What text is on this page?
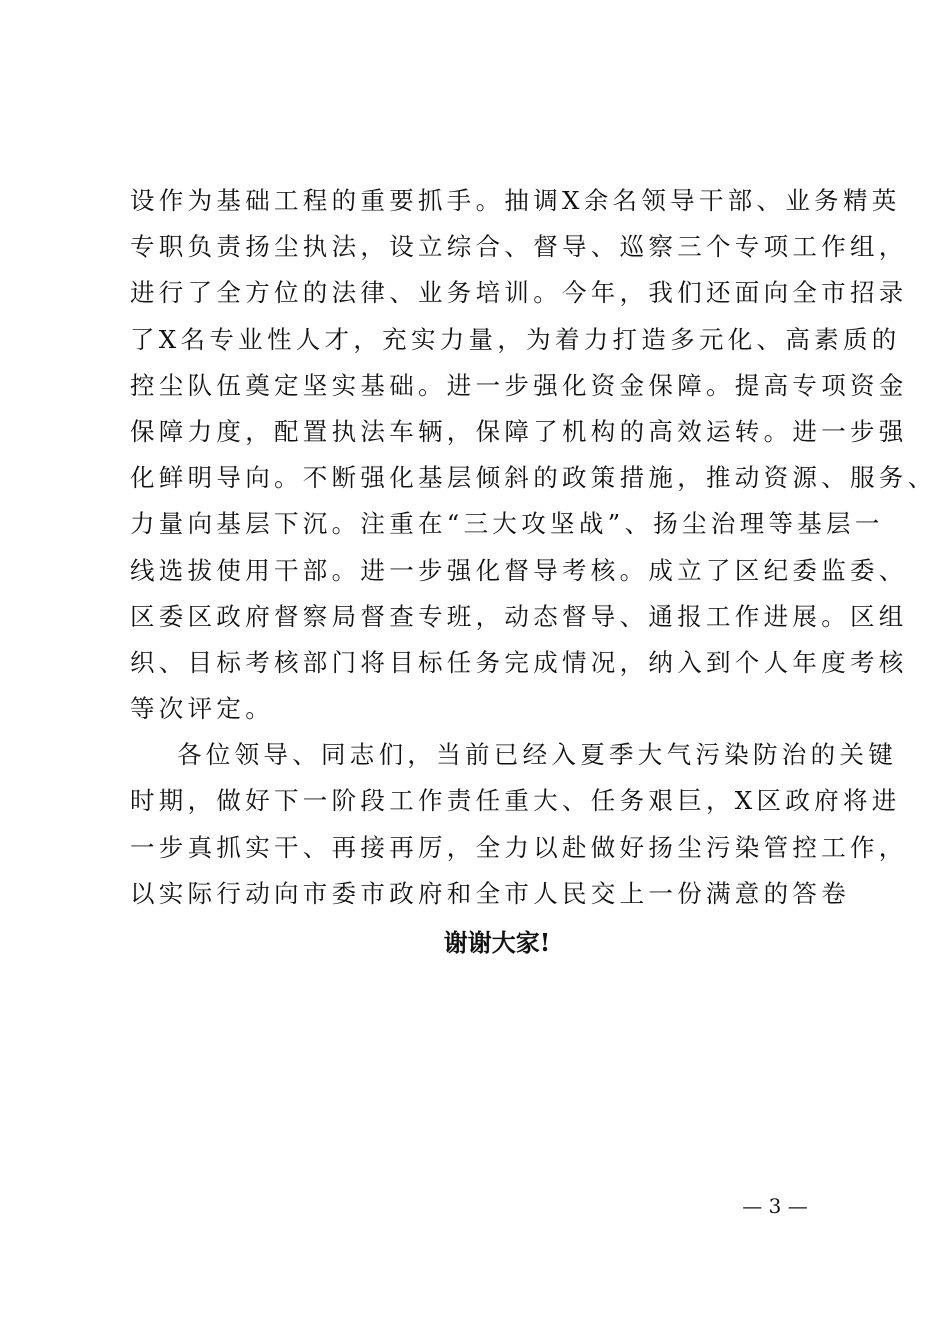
设作为基础工程的重要抓手。抽调X余名领导干部、业务精英
专职负责扬尘执法，设立综合、督导、巡察三个专项工作组，
进行了全方位的法律、业务培训。今年，我们还面向全市招录
了X名专业性人才，充实力量，为着力打造多元化、高素质的
控尘队伍奠定坚实基础。进一步强化资金保障。提高专项资金
保障力度，配置执法车辆，保障了机构的高效运转。进一步强
化鲜明导向。不断强化基层倾斜的政策措施，推动资源、服务、
力量向基层下沉。注重在“三大攻坚战”、扬尘治理等基层一
线选拔使用干部。进一步强化督导考核。成立了区纪委监委、
区委区政府督察局督查专班，动态督导、通报工作进展。区组
织、目标考核部门将目标任务完成情况，纳入到个人年度考核
等次评定。
各位领导、同志们，当前已经入夏季大气污染防治的关键
时期，做好下一阶段工作责任重大、任务艰巨，X区政府将进
一步真抓实干、再接再厉，全力以赴做好扬尘污染管控工作，
以实际行动向市委市政府和全市人民交上一份满意的答卷
谢谢大家!
— 3 —
